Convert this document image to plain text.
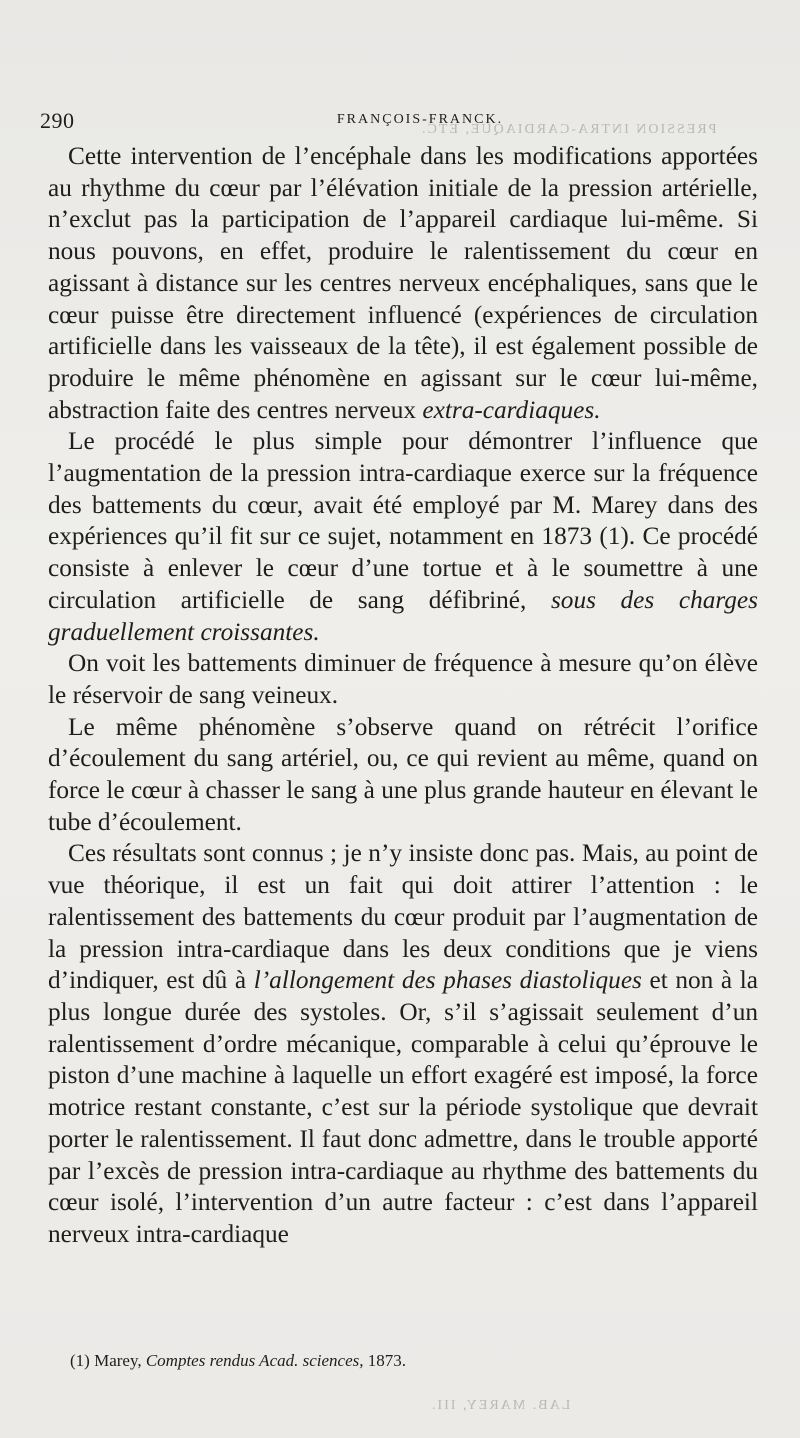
PRESSION INTRA-CARDIAQUE, ETC.
LAB. MAREY, III.
290	FRANÇOIS-FRANCK.

Cette intervention de l’encéphale dans les modifications apportées au rhythme du cœur par l’élévation initiale de la pression artérielle, n’exclut pas la participation de l’appareil cardiaque lui-même. Si nous pouvons, en effet, produire le ralentissement du cœur en agissant à distance sur les centres nerveux encéphaliques, sans que le cœur puisse être directement influencé (expériences de circulation artificielle dans les vaisseaux de la tête), il est également possible de produire le même phénomène en agissant sur le cœur lui-même, abstraction faite des centres nerveux extra-cardiaques.

Le procédé le plus simple pour démontrer l’influence que l’augmentation de la pression intra-cardiaque exerce sur la fréquence des battements du cœur, avait été employé par M. Marey dans des expériences qu’il fit sur ce sujet, notamment en 1873 (1). Ce procédé consiste à enlever le cœur d’une tortue et à le soumettre à une circulation artificielle de sang défibriné, sous des charges graduellement croissantes.

On voit les battements diminuer de fréquence à mesure qu’on élève le réservoir de sang veineux.

Le même phénomène s’observe quand on rétrécit l’orifice d’écoulement du sang artériel, ou, ce qui revient au même, quand on force le cœur à chasser le sang à une plus grande hauteur en élevant le tube d’écoulement.

Ces résultats sont connus ; je n’y insiste donc pas. Mais, au point de vue théorique, il est un fait qui doit attirer l’attention : le ralentissement des battements du cœur produit par l’augmentation de la pression intra-cardiaque dans les deux conditions que je viens d’indiquer, est dû à l’allongement des phases diastoliques et non à la plus longue durée des systoles. Or, s’il s’agissait seulement d’un ralentissement d’ordre mécanique, comparable à celui qu’éprouve le piston d’une machine à laquelle un effort exagéré est imposé, la force motrice restant constante, c’est sur la période systolique que devrait porter le ralentissement. Il faut donc admettre, dans le trouble apporté par l’excès de pression intra-cardiaque au rhythme des battements du cœur isolé, l’intervention d’un autre facteur : c’est dans l’appareil nerveux intra-cardiaque

(1) Marey, Comptes rendus Acad. sciences, 1873.
